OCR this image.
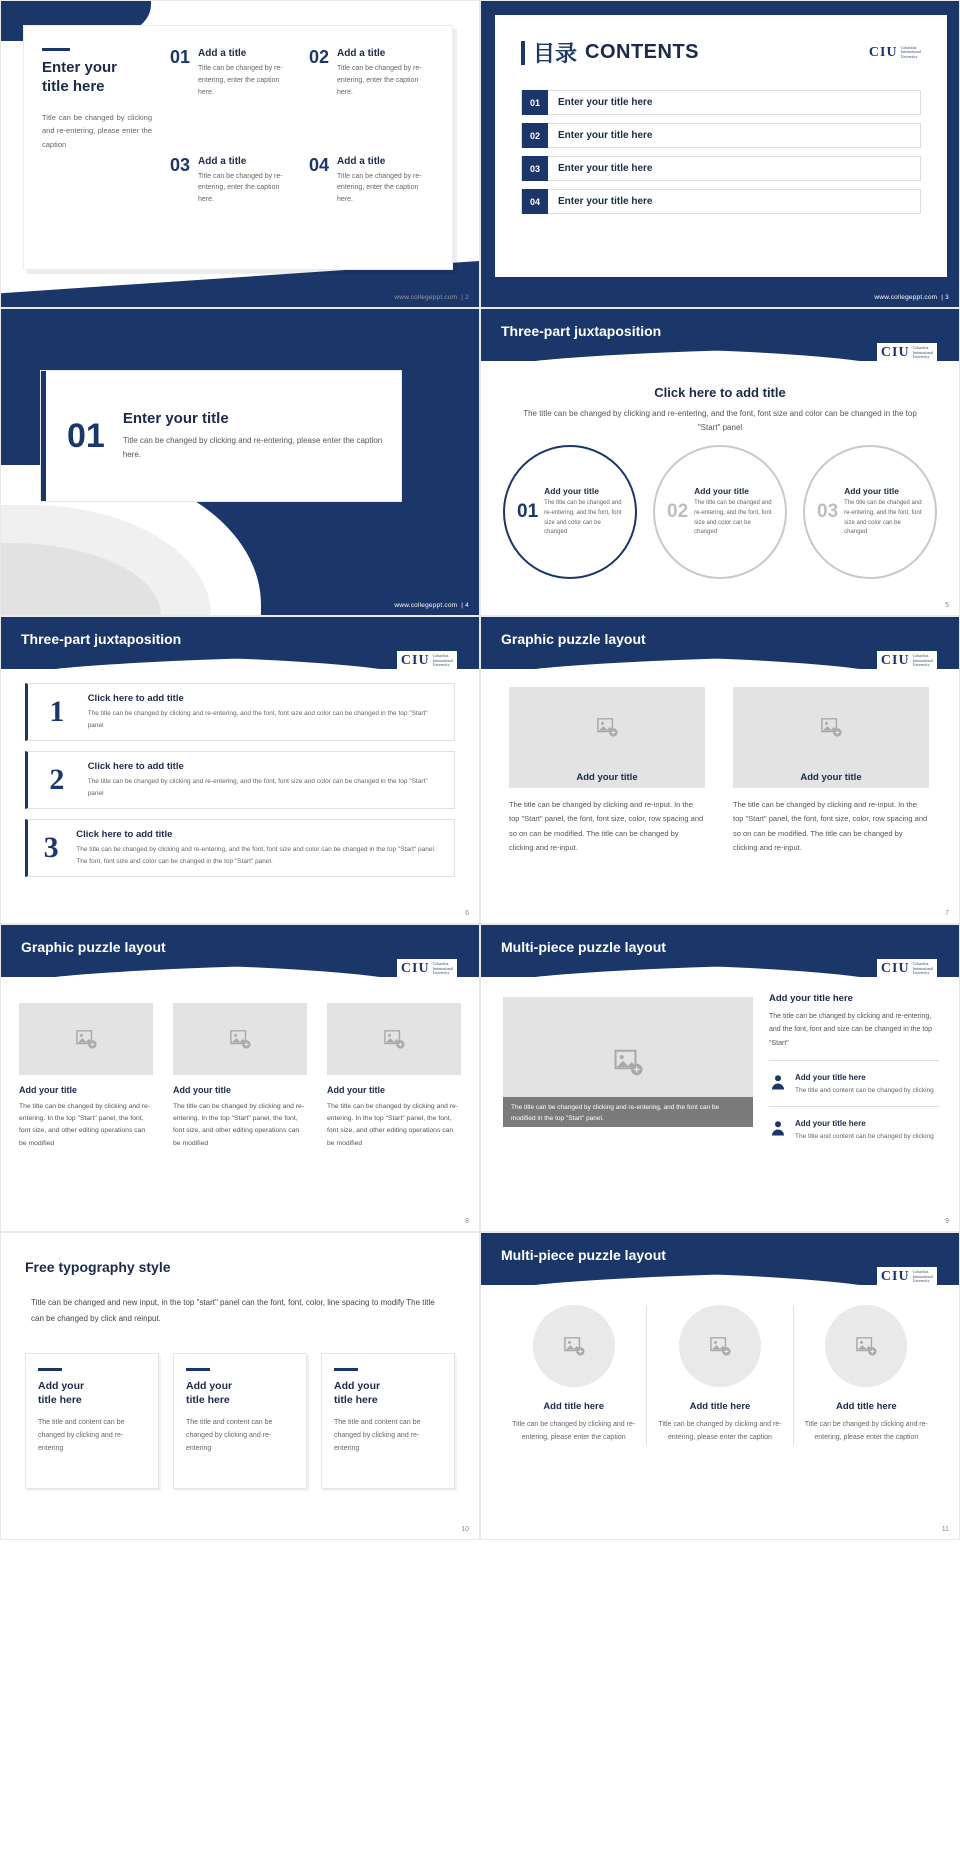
Enter your
title here

Title can be changed by clicking and re-entering, please enter the caption

01 Add a title

Title can be changed by re-entering, enter the caption here.

02 Add a title

Title can be changed by re-entering, enter the caption here.

03 Add a title

Title can be changed by re-entering, enter the caption here.

04 Add a title

Title can be changed by re-entering, enter the caption here.

www.collegeppt.com  | 2
目录 CONTENTS	CIU Columbia
International
University
01	Enter your title here
02	Enter your title here
03	Enter your title here
04	Enter your title here
www.collegeppt.com  | 3
01 Enter your title

Title can be changed by clicking and re-entering, please enter the caption here.

www.collegeppt.com  | 4
Three-part juxtaposition
CIU Columbia
International
University
Click here to add title
The title can be changed by clicking and re-entering, and the font, font size and color can be changed in the top "Start" panel
01
Add your title

The title can be changed and re-entering, and the font, font size and color can be changed

02
Add your title

The title can be changed and re-entering, and the font, font size and color can be changed

03
Add your title

The title can be changed and re-entering, and the font, font size and color can be changed

5
Three-part juxtaposition
CIU Columbia
International
University
1	Click here to add title

The title can be changed by clicking and re-entering, and the font, font size and color can be changed in the top "Start" panel

2	Click here to add title

The title can be changed by clicking and re-entering, and the font, font size and color can be changed in the top "Start" panel

3	Click here to add title

The title can be changed by clicking and re-entering, and the font, font size and color can be changed in the top "Start" panel. The font, font size and color can be changed in the top "Start" panel.

6
Graphic puzzle layout
CIU Columbia
International
University
Add your title

The title can be changed by clicking and re-input. In the top "Start" panel, the font, font size, color, row spacing and so on can be modified. The title can be changed by clicking and re-input.

Add your title

The title can be changed by clicking and re-input. In the top "Start" panel, the font, font size, color, row spacing and so on can be modified. The title can be changed by clicking and re-input.

7
Graphic puzzle layout
CIU Columbia
International
University
Add your title

The title can be changed by clicking and re-entering. In the top "Start" panel, the font, font size, and other editing operations can be modified

Add your title

The title can be changed by clicking and re-entering. In the top "Start" panel, the font, font size, and other editing operations can be modified

Add your title

The title can be changed by clicking and re-entering. In the top "Start" panel, the font, font size, and other editing operations can be modified

8
Multi-piece puzzle layout
CIU Columbia
International
University
The title can be changed by clicking and re-entering, and the font can be modified in the top "Start" panel.
Add your title here

The title can be changed by clicking and re-entering, and the font, font and size can be changed in the top "Start"

Add your title here

The title and content can be changed by clicking

Add your title here

The title and content can be changed by clicking

9
Free typography style
Title can be changed and new input, in the top "start" panel can the font, font, color, line spacing to modify The title can be changed by click and reinput.
Add your
title here

The title and content can be changed by clicking and re-entering

Add your
title here

The title and content can be changed by clicking and re-entering

Add your
title here

The title and content can be changed by clicking and re-entering

10
Multi-piece puzzle layout
CIU Columbia
International
University
Add title here

Title can be changed by clicking and re-entering, please enter the caption

Add title here

Title can be changed by clicking and re-entering, please enter the caption

Add title here

Title can be changed by clicking and re-entering, please enter the caption

11
